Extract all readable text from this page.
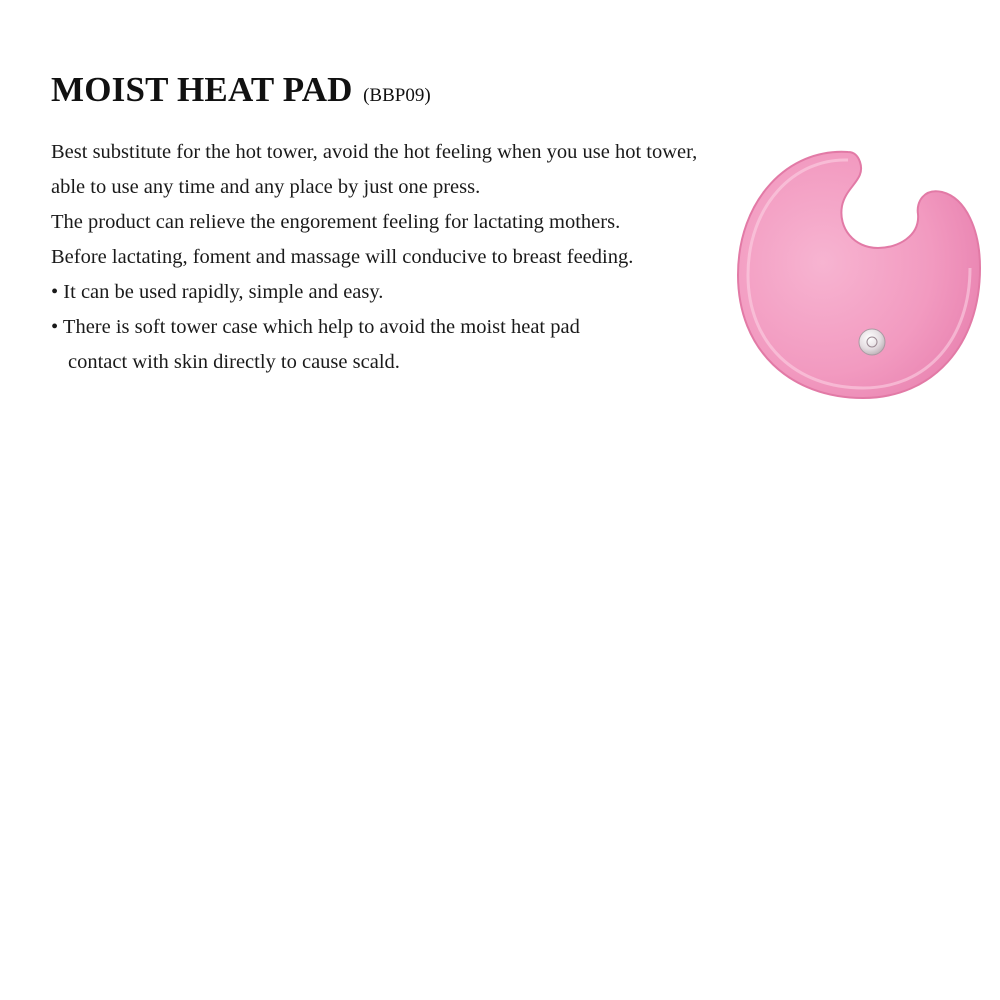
MOIST HEAT PAD (BBP09)
Best substitute for the hot tower, avoid the hot feeling when you use hot tower,
able to use any time and any place by just one press.
The product can relieve the engorement feeling for lactating mothers.
Before lactating, foment and massage will conducive to breast feeding.
• It can be used rapidly, simple and easy.
• There is soft tower case which help to avoid the moist heat pad
contact with skin directly to cause scald.
